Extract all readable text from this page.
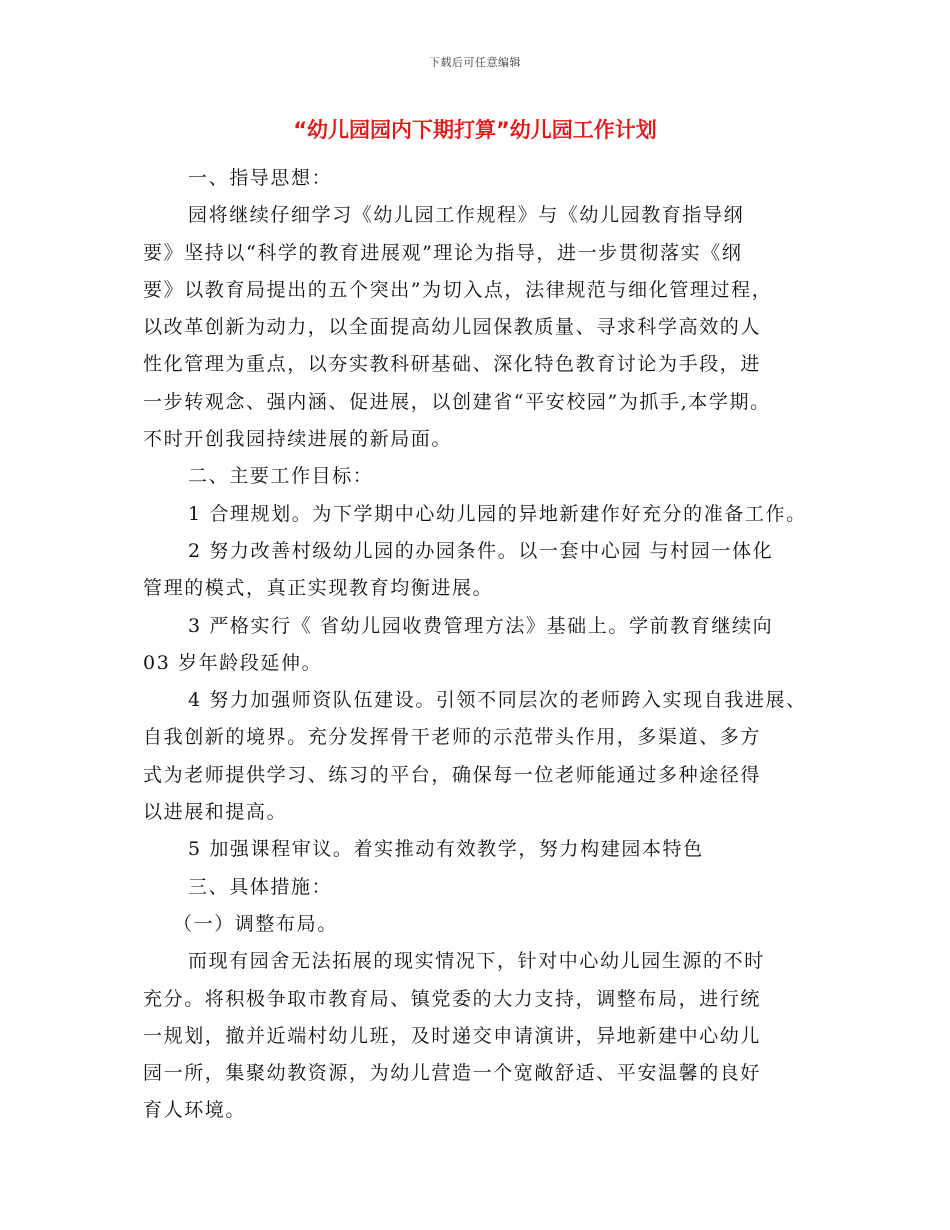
下载后可任意编辑
“幼儿园园内下期打算”幼儿园工作计划
一、指导思想：
园将继续仔细学习《幼儿园工作规程》与《幼儿园教育指导纲
要》坚持以“科学的教育进展观”理论为指导，进一步贯彻落实《纲
要》以教育局提出的五个突出”为切入点，法律规范与细化管理过程，
以改革创新为动力，以全面提高幼儿园保教质量、寻求科学高效的人
性化管理为重点，以夯实教科研基础、深化特色教育讨论为手段，进
一步转观念、强内涵、促进展，以创建省“平安校园”为抓手,本学期。
不时开创我园持续进展的新局面。
二、主要工作目标：
1 合理规划。为下学期中心幼儿园的异地新建作好充分的准备工作。
2 努力改善村级幼儿园的办园条件。以一套中心园 与村园一体化
管理的模式，真正实现教育均衡进展。
3 严格实行《 省幼儿园收费管理方法》基础上。学前教育继续向
03 岁年龄段延伸。
4 努力加强师资队伍建设。引领不同层次的老师跨入实现自我进展、
自我创新的境界。充分发挥骨干老师的示范带头作用，多渠道、多方
式为老师提供学习、练习的平台，确保每一位老师能通过多种途径得
以进展和提高。
5 加强课程审议。着实推动有效教学，努力构建园本特色
三、具体措施：
（一）调整布局。
而现有园舍无法拓展的现实情况下，针对中心幼儿园生源的不时
充分。将积极争取市教育局、镇党委的大力支持，调整布局，进行统
一规划，撤并近端村幼儿班，及时递交申请演讲，异地新建中心幼儿
园一所，集聚幼教资源，为幼儿营造一个宽敞舒适、平安温馨的良好
育人环境。
